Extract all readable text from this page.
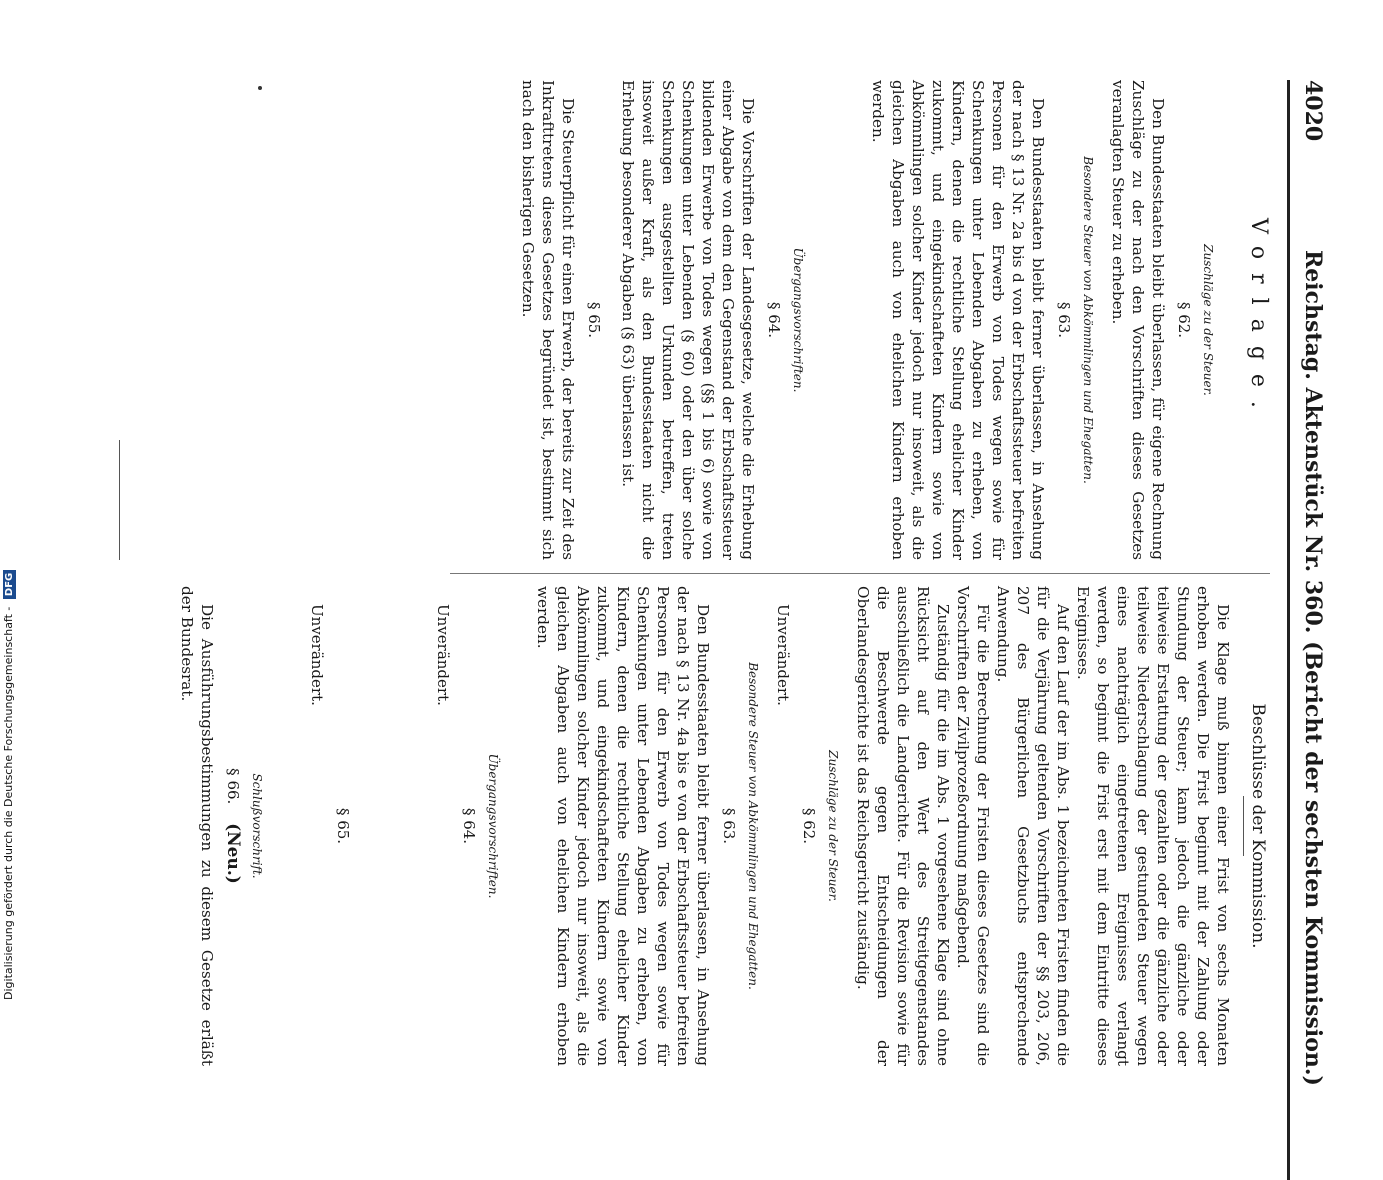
4020
Reichstag. Aktenstück Nr. 360. (Bericht der sechsten Kommission.)
Vorlage.
Zuschläge zu der Steuer.
§ 62.

Den Bundesstaaten bleibt überlassen, für eigene Rechnung Zuschläge zu der nach den Vorschriften dieses Gesetzes veranlagten Steuer zu erheben.

Besondere Steuer von Abkömmlingen und Ehegatten.
§ 63.

Den Bundesstaaten bleibt ferner überlassen, in Ansehung der nach § 13 Nr. 2a bis d von der Erbschaftssteuer befreiten Personen für den Erwerb von Todes wegen sowie für Schenkungen unter Lebenden Abgaben zu erheben, von Kindern, denen die rechtliche Stellung ehelicher Kinder zukommt, und eingekindschafteten Kindern sowie von Abkömmlingen solcher Kinder jedoch nur insoweit, als die gleichen Abgaben auch von ehelichen Kindern erhoben werden.

Übergangsvorschriften.
§ 64.

Die Vorschriften der Landesgesetze, welche die Erhebung einer Abgabe von dem den Gegenstand der Erbschaftssteuer bildenden Erwerbe von Todes wegen (§§ 1 bis 6) sowie von Schenkungen unter Lebenden (§ 60) oder den über solche Schenkungen ausgestellten Urkunden betreffen, treten insoweit außer Kraft, als den Bundesstaaten nicht die Erhebung besonderer Abgaben (§ 63) überlassen ist.

§ 65.

Die Steuerpflicht für einen Erwerb, der bereits zur Zeit des Inkrafttretens dieses Gesetzes begründet ist, bestimmt sich nach den bisherigen Gesetzen.

Beschlüsse der Kommission.

Die Klage muß binnen einer Frist von sechs Monaten erhoben werden. Die Frist beginnt mit der Zahlung oder Stundung der Steuer; kann jedoch die gänzliche oder teilweise Erstattung der gezahlten oder die gänzliche oder teilweise Niederschlagung der gestundeten Steuer wegen eines nachträglich eingetretenen Ereignisses verlangt werden, so beginnt die Frist erst mit dem Eintritte dieses Ereignisses.

Auf den Lauf der im Abs. 1 bezeichneten Fristen finden die für die Verjährung geltenden Vorschriften der §§ 203, 206, 207 des Bürgerlichen Gesetzbuchs entsprechende Anwendung.

Für die Berechnung der Fristen dieses Gesetzes sind die Vorschriften der Zivilprozeßordnung maßgebend.

Zuständig für die im Abs. 1 vorgesehene Klage sind ohne Rücksicht auf den Wert des Streitgegenstandes ausschließlich die Landgerichte. Für die Revision sowie für die Beschwerde gegen Entscheidungen der Oberlandesgerichte ist das Reichsgericht zuständig.

Zuschläge zu der Steuer.
§ 62.
Unverändert.
Besondere Steuer von Abkömmlingen und Ehegatten.
§ 63.

Den Bundesstaaten bleibt ferner überlassen, in Ansehung der nach § 13 Nr. 4a bis e von der Erbschaftssteuer befreiten Personen für den Erwerb von Todes wegen sowie für Schenkungen unter Lebenden Abgaben zu erheben, von Kindern, denen die rechtliche Stellung ehelicher Kinder zukommt, und eingekindschafteten Kindern sowie von Abkömmlingen solcher Kinder jedoch nur insoweit, als die gleichen Abgaben auch von ehelichen Kindern erhoben werden.

Übergangsvorschriften.
§ 64.
Unverändert.
§ 65.
Unverändert.
Schlußvorschrift.
§ 66. (Neu.)

Die Ausführungsbestimmungen zu diesem Gesetze erläßt der Bundesrat.

Digitalisierung gefördert durch die Deutsche Forschungsgemeinschaft - DFG
